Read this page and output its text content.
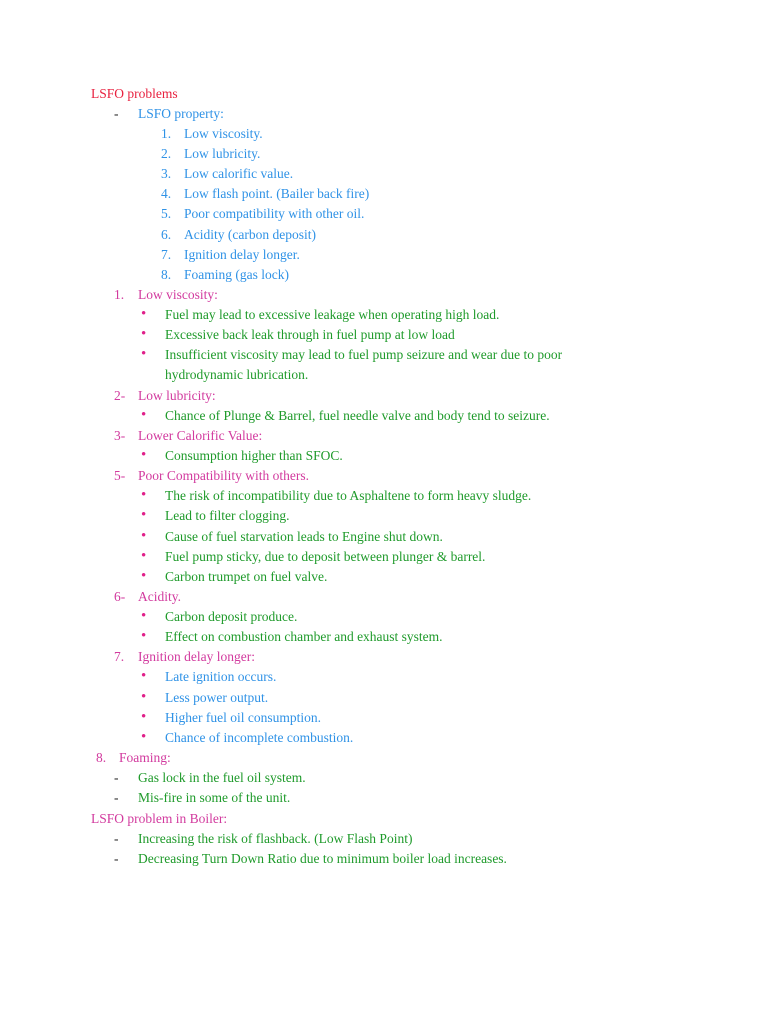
LSFO problems
- LSFO property:
1. Low viscosity.
2. Low lubricity.
3. Low calorific value.
4. Low flash point. (Bailer back fire)
5. Poor compatibility with other oil.
6. Acidity (carbon deposit)
7. Ignition delay longer.
8. Foaming (gas lock)
1. Low viscosity:
• Fuel may lead to excessive leakage when operating high load.
• Excessive back leak through in fuel pump at low load
• Insufficient viscosity may lead to fuel pump seizure and wear due to poor
hydrodynamic lubrication.
2- Low lubricity:
• Chance of Plunge & Barrel, fuel needle valve and body tend to seizure.
3- Lower Calorific Value:
• Consumption higher than SFOC.
5- Poor Compatibility with others.
• The risk of incompatibility due to Asphaltene to form heavy sludge.
• Lead to filter clogging.
• Cause of fuel starvation leads to Engine shut down.
• Fuel pump sticky, due to deposit between plunger & barrel.
• Carbon trumpet on fuel valve.
6- Acidity.
• Carbon deposit produce.
• Effect on combustion chamber and exhaust system.
7. Ignition delay longer:
• Late ignition occurs.
• Less power output.
• Higher fuel oil consumption.
• Chance of incomplete combustion.
8. Foaming:
- Gas lock in the fuel oil system.
- Mis-fire in some of the unit.
LSFO problem in Boiler:
- Increasing the risk of flashback. (Low Flash Point)
- Decreasing Turn Down Ratio due to minimum boiler load increases.
